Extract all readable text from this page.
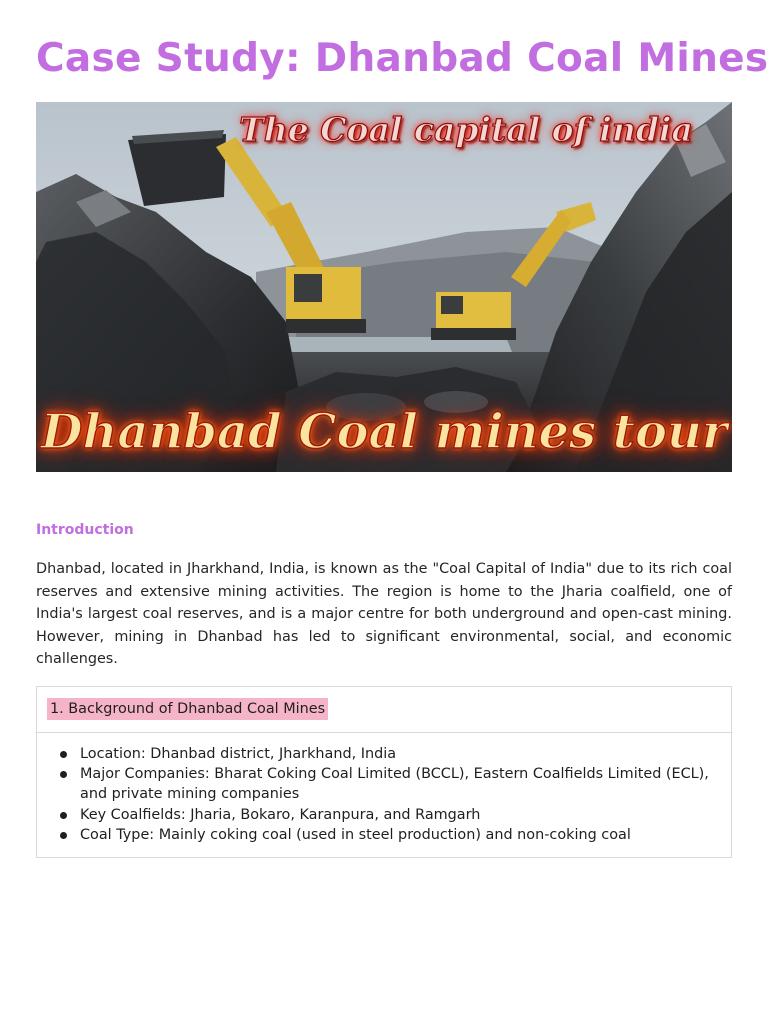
Case Study: Dhanbad Coal Mines
The Coal capital of india
Dhanbad Coal mines tour
Introduction

Dhanbad, located in Jharkhand, India, is known as the "Coal Capital of India" due to its rich coal reserves and extensive mining activities. The region is home to the Jharia coalfield, one of India's largest coal reserves, and is a major centre for both underground and open-cast mining. However, mining in Dhanbad has led to significant environmental, social, and economic challenges.

1. Background of Dhanbad Coal Mines
Location: Dhanbad district, Jharkhand, India
Major Companies: Bharat Coking Coal Limited (BCCL), Eastern Coalfields Limited (ECL), and private mining companies
Key Coalfields: Jharia, Bokaro, Karanpura, and Ramgarh
Coal Type: Mainly coking coal (used in steel production) and non-coking coal
